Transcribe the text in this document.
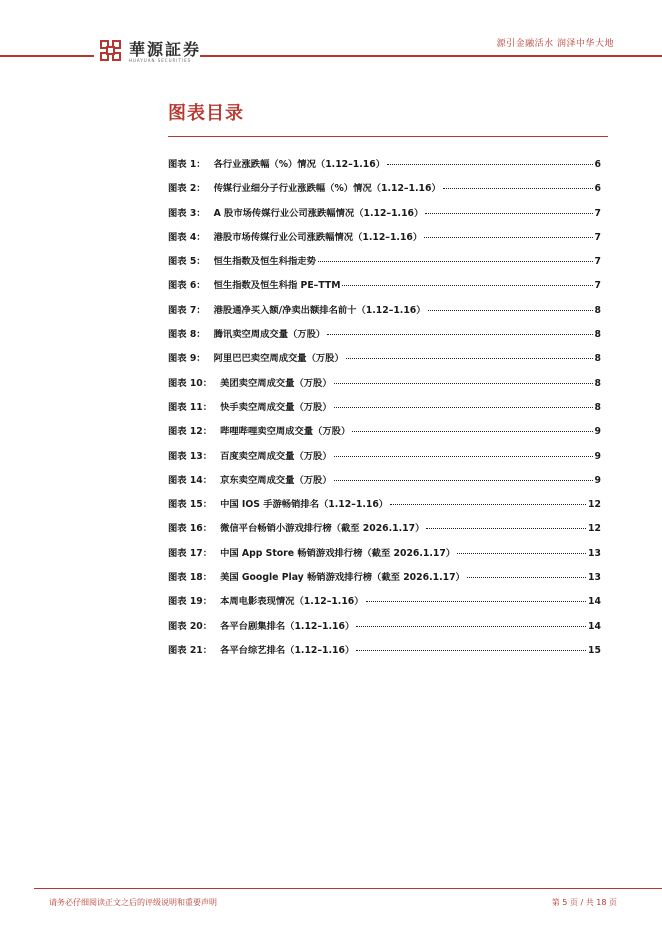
華源証券
HUAYUAN SECURITIES
源引金融活水 润泽中华大地
图表目录
图表 1： 各行业涨跌幅（%）情况（1.12–1.16）	6
图表 2： 传媒行业细分子行业涨跌幅（%）情况（1.12–1.16）	6
图表 3： A 股市场传媒行业公司涨跌幅情况（1.12–1.16）	7
图表 4： 港股市场传媒行业公司涨跌幅情况（1.12–1.16）	7
图表 5： 恒生指数及恒生科指走势	7
图表 6： 恒生指数及恒生科指 PE–TTM	7
图表 7： 港股通净买入额/净卖出额排名前十（1.12–1.16）	8
图表 8： 腾讯卖空周成交量（万股）	8
图表 9： 阿里巴巴卖空周成交量（万股）	8
图表 10： 美团卖空周成交量（万股）	8
图表 11： 快手卖空周成交量（万股）	8
图表 12： 哔哩哔哩卖空周成交量（万股）	9
图表 13： 百度卖空周成交量（万股）	9
图表 14： 京东卖空周成交量（万股）	9
图表 15： 中国 IOS 手游畅销排名（1.12–1.16）	12
图表 16： 微信平台畅销小游戏排行榜（截至 2026.1.17）	12
图表 17： 中国 App Store 畅销游戏排行榜（截至 2026.1.17）	13
图表 18： 美国 Google Play 畅销游戏排行榜（截至 2026.1.17）	13
图表 19： 本周电影表现情况（1.12–1.16）	14
图表 20： 各平台剧集排名（1.12–1.16）	14
图表 21： 各平台综艺排名（1.12–1.16）	15
请务必仔细阅读正文之后的评级说明和重要声明	第 5 页 / 共 18 页
